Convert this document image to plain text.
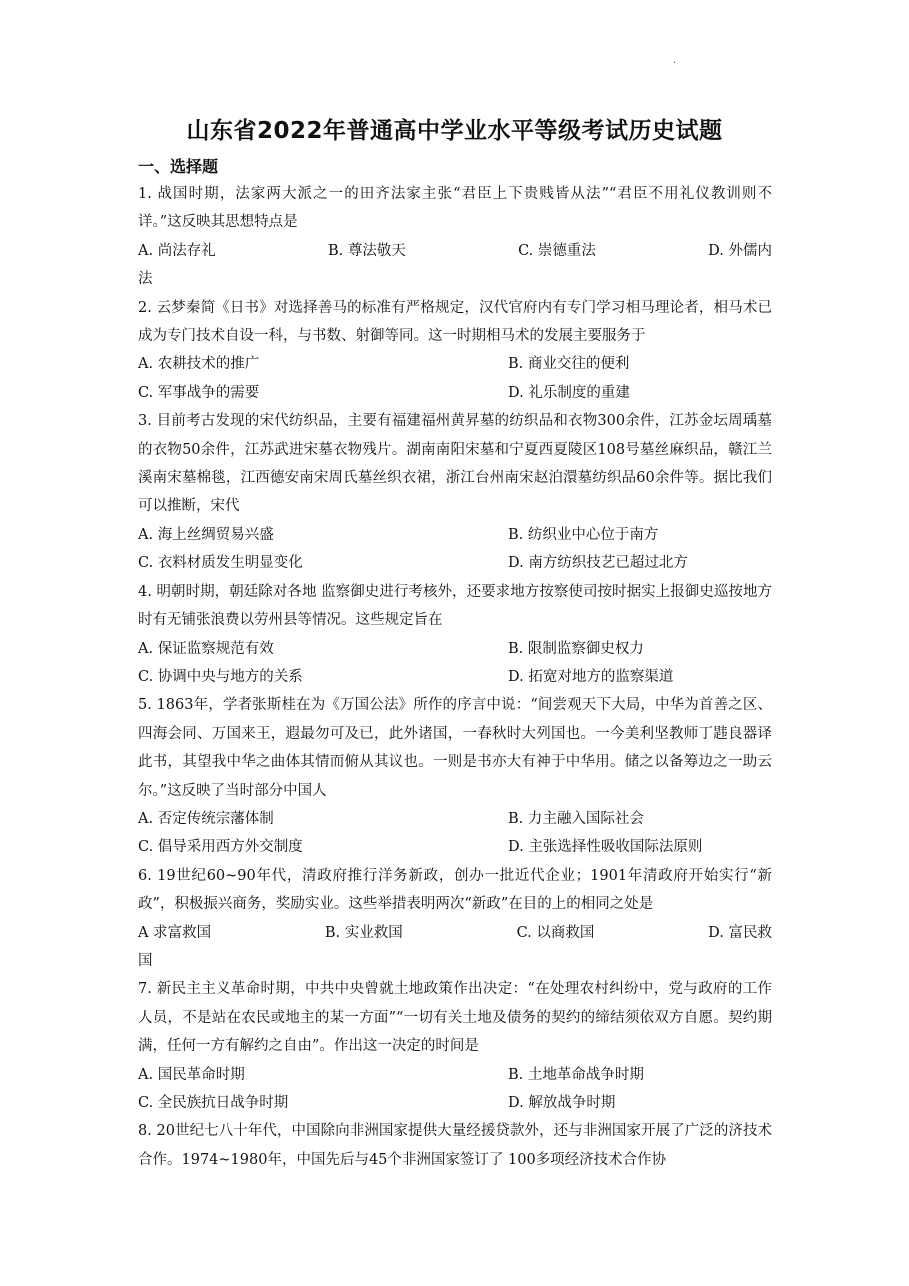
·
山东省2022年普通高中学业水平等级考试历史试题
一、选择题

1. 战国时期，法家两大派之一的田齐法家主张“君臣上下贵贱皆从法”“君臣不用礼仪教训则不详。”这反映其思想特点是

A. 尚法存礼	B. 尊法敬天	C. 崇德重法	D. 外儒内
法

2. 云梦秦简《日书》对选择善马的标准有严格规定，汉代官府内有专门学习相马理论者，相马术已成为专门技术自设一科，与书数、射御等同。这一时期相马术的发展主要服务于

A. 农耕技术的推广	B. 商业交往的便利
C. 军事战争的需要	D. 礼乐制度的重建

3. 目前考古发现的宋代纺织品，主要有福建福州黄昇墓的纺织品和衣物300余件，江苏金坛周瑀墓的衣物50余件，江苏武进宋墓衣物残片。湖南南阳宋墓和宁夏西夏陵区108号墓丝麻织品，赣江兰溪南宋墓棉毯，江西德安南宋周氏墓丝织衣裙，浙江台州南宋赵泊澴墓纺织品60余件等。据比我们可以推断，宋代

A. 海上丝绸贸易兴盛	B. 纺织业中心位于南方
C. 衣料材质发生明显变化	D. 南方纺织技艺已超过北方

4. 明朝时期，朝廷除对各地 监察御史进行考核外，还要求地方按察使司按时据实上报御史巡按地方时有无铺张浪费以劳州县等情况。这些规定旨在

A. 保证监察规范有效	B. 限制监察御史权力
C. 协调中央与地方的关系	D. 拓宽对地方的监察渠道

5. 1863年，学者张斯桂在为《万国公法》所作的序言中说：“间尝观天下大局，中华为首善之区、四海会同、万国来王，遐最勿可及已，此外诸国，一春秋时大列国也。一今美利坚教师丁韪良器译此书，其望我中华之曲体其情而俯从其议也。一则是书亦大有神于中华用。储之以备筹边之一助云尔。”这反映了当时部分中国人

A. 否定传统宗藩体制	B. 力主融入国际社会
C. 倡导采用西方外交制度	D. 主张选择性吸收国际法原则

6. 19世纪60~90年代，清政府推行洋务新政，创办一批近代企业；1901年清政府开始实行“新政”，积极振兴商务，奖励实业。这些举措表明两次“新政”在目的上的相同之处是

A 求富救国	B. 实业救国	C. 以商救国	D. 富民救
国

7. 新民主主义革命时期，中共中央曾就土地政策作出决定：“在处理农村纠纷中，党与政府的工作人员，不是站在农民或地主的某一方面”“一切有关土地及债务的契约的缔结须依双方自愿。契约期满，任何一方有解约之自由”。作出这一决定的时间是

A. 国民革命时期	B. 土地革命战争时期
C. 全民族抗日战争时期	D. 解放战争时期

8. 20世纪七八十年代，中国除向非洲国家提供大量经援贷款外，还与非洲国家开展了广泛的济技术合作。1974~1980年，中国先后与45个非洲国家签订了 100多项经济技术合作协
